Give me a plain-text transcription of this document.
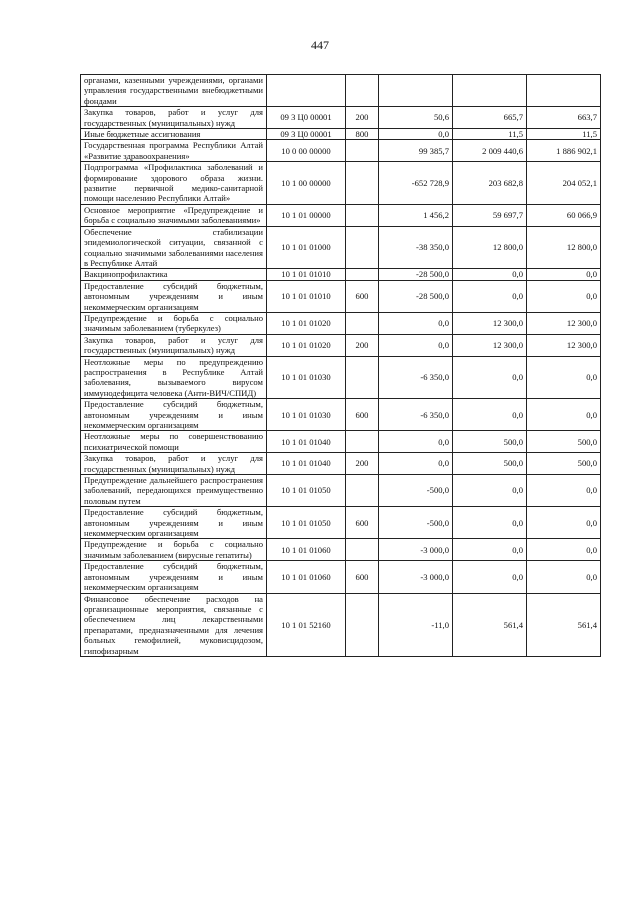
447
органами, казенными учреждениями, органами управления государственными внебюджетными фондами					
Закупка товаров, работ и услуг для государственных (муниципальных) нужд	09 3 Ц0 00001	200	50,6	665,7	663,7
Иные бюджетные ассигнования	09 3 Ц0 00001	800	0,0	11,5	11,5
Государственная программа Республики Алтай «Развитие здравоохранения»	10 0 00 00000		99 385,7	2 009 440,6	1 886 902,1
Подпрограмма «Профилактика заболеваний и формирование здорового образа жизни. развитие первичной медико-санитарной помощи населению Республики Алтай»	10 1 00 00000		-652 728,9	203 682,8	204 052,1
Основное мероприятие «Предупреждение и борьба с социально значимыми заболеваниями»	10 1 01 00000		1 456,2	59 697,7	60 066,9
Обеспечение стабилизации эпидемиологической ситуации, связанной с социально значимыми заболеваниями населения в Республике Алтай	10 1 01 01000		-38 350,0	12 800,0	12 800,0
Вакцинопрофилактика	10 1 01 01010		-28 500,0	0,0	0,0
Предоставление субсидий бюджетным, автономным учреждениям и иным некоммерческим организациям	10 1 01 01010	600	-28 500,0	0,0	0,0
Предупреждение и борьба с социально значимым заболеванием (туберкулез)	10 1 01 01020		0,0	12 300,0	12 300,0
Закупка товаров, работ и услуг для государственных (муниципальных) нужд	10 1 01 01020	200	0,0	12 300,0	12 300,0
Неотложные меры по предупреждению распространения в Республике Алтай заболевания, вызываемого вирусом иммунодефицита человека (Анти-ВИЧ/СПИД)	10 1 01 01030		-6 350,0	0,0	0,0
Предоставление субсидий бюджетным, автономным учреждениям и иным некоммерческим организациям	10 1 01 01030	600	-6 350,0	0,0	0,0
Неотложные меры по совершенствованию психиатрической помощи	10 1 01 01040		0,0	500,0	500,0
Закупка товаров, работ и услуг для государственных (муниципальных) нужд	10 1 01 01040	200	0,0	500,0	500,0
Предупреждение дальнейшего распространения заболеваний, передающихся преимущественно половым путем	10 1 01 01050		-500,0	0,0	0,0
Предоставление субсидий бюджетным, автономным учреждениям и иным некоммерческим организациям	10 1 01 01050	600	-500,0	0,0	0,0
Предупреждение и борьба с социально значимым заболеванием (вирусные гепатиты)	10 1 01 01060		-3 000,0	0,0	0,0
Предоставление субсидий бюджетным, автономным учреждениям и иным некоммерческим организациям	10 1 01 01060	600	-3 000,0	0,0	0,0
Финансовое обеспечение расходов на организационные мероприятия, связанные с обеспечением лиц лекарственными препаратами, предназначенными для лечения больных гемофилией, муковисцидозом, гипофизарным	10 1 01 52160		-11,0	561,4	561,4
